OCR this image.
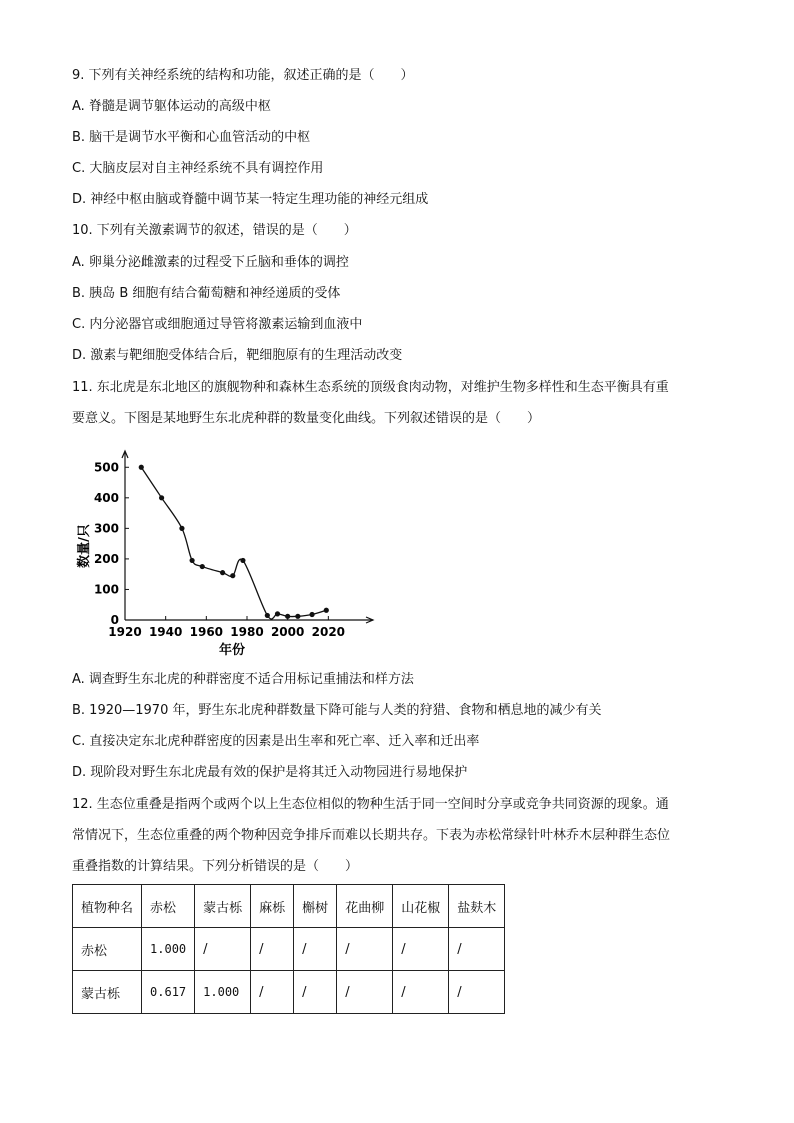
9. 下列有关神经系统的结构和功能，叙述正确的是（　　）
A. 脊髓是调节躯体运动的高级中枢
B. 脑干是调节水平衡和心血管活动的中枢
C. 大脑皮层对自主神经系统不具有调控作用
D. 神经中枢由脑或脊髓中调节某一特定生理功能的神经元组成
10. 下列有关激素调节的叙述，错误的是（　　）
A. 卵巢分泌雌激素的过程受下丘脑和垂体的调控
B. 胰岛 B 细胞有结合葡萄糖和神经递质的受体
C. 内分泌器官或细胞通过导管将激素运输到血液中
D. 激素与靶细胞受体结合后，靶细胞原有的生理活动改变
11. 东北虎是东北地区的旗舰物种和森林生态系统的顶级食肉动物，对维护生物多样性和生态平衡具有重
要意义。下图是某地野生东北虎种群的数量变化曲线。下列叙述错误的是（　　）
0
100
200
300
400
500
1920 1940 1960 1980 2000 2020
年份
数量/只
A. 调查野生东北虎的种群密度不适合用标记重捕法和样方法
B. 1920—1970 年，野生东北虎种群数量下降可能与人类的狩猎、食物和栖息地的减少有关
C. 直接决定东北虎种群密度的因素是出生率和死亡率、迁入率和迁出率
D. 现阶段对野生东北虎最有效的保护是将其迁入动物园进行易地保护
12. 生态位重叠是指两个或两个以上生态位相似的物种生活于同一空间时分享或竞争共同资源的现象。通
常情况下，生态位重叠的两个物种因竞争排斥而难以长期共存。下表为赤松常绿针叶林乔木层种群生态位
重叠指数的计算结果。下列分析错误的是（　　）
植物种名	赤松	蒙古栎	麻栎	槲树	花曲柳	山花椒	盐麸木
赤松	1.000	/	/	/	/	/	/
蒙古栎	0.617	1.000	/	/	/	/	/
